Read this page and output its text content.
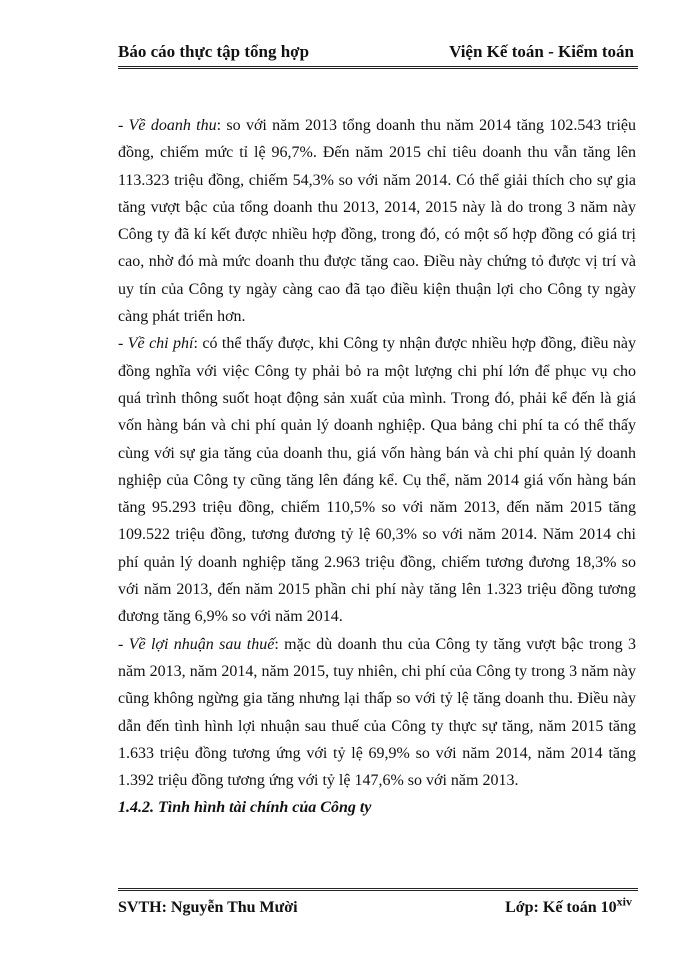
Báo cáo thực tập tổng hợp	Viện Kế toán - Kiểm toán

- Về doanh thu: so với năm 2013 tổng doanh thu năm 2014 tăng 102.543 triệu đồng, chiếm mức tỉ lệ 96,7%. Đến năm 2015 chỉ tiêu doanh thu vẫn tăng lên 113.323 triệu đồng, chiếm 54,3% so với năm 2014. Có thể giải thích cho sự gia tăng vượt bậc của tổng doanh thu 2013, 2014, 2015 này là do trong 3 năm này Công ty đã kí kết được nhiều hợp đồng, trong đó, có một số hợp đồng có giá trị cao, nhờ đó mà mức doanh thu được tăng cao. Điều này chứng tỏ được vị trí và uy tín của Công ty ngày càng cao đã tạo điều kiện thuận lợi cho Công ty ngày càng phát triển hơn.

- Về chi phí: có thể thấy được, khi Công ty nhận được nhiều hợp đồng, điều này đồng nghĩa với việc Công ty phải bỏ ra một lượng chi phí lớn để phục vụ cho quá trình thông suốt hoạt động sản xuất của mình. Trong đó, phải kể đến là giá vốn hàng bán và chi phí quản lý doanh nghiệp. Qua bảng chi phí ta có thể thấy cùng với sự gia tăng của doanh thu, giá vốn hàng bán và chi phí quản lý doanh nghiệp của Công ty cũng tăng lên đáng kể. Cụ thể, năm 2014 giá vốn hàng bán tăng 95.293 triệu đồng, chiếm 110,5% so với năm 2013, đến năm 2015 tăng 109.522 triệu đồng, tương đương tỷ lệ 60,3% so với năm 2014. Năm 2014 chi phí quản lý doanh nghiệp tăng 2.963 triệu đồng, chiếm tương đương 18,3% so với năm 2013, đến năm 2015 phần chi phí này tăng lên 1.323 triệu đồng tương đương tăng 6,9% so với năm 2014.

- Về lợi nhuận sau thuế: mặc dù doanh thu của Công ty tăng vượt bậc trong 3 năm 2013, năm 2014, năm 2015, tuy nhiên, chi phí của Công ty trong 3 năm này cũng không ngừng gia tăng nhưng lại thấp so với tỷ lệ tăng doanh thu. Điều này dẫn đến tình hình lợi nhuận sau thuế của Công ty thực sự tăng, năm 2015 tăng 1.633 triệu đồng tương ứng với tỷ lệ 69,9% so với năm 2014, năm 2014 tăng 1.392 triệu đồng tương ứng với tỷ lệ 147,6% so với năm 2013.

1.4.2. Tình hình tài chính của Công ty

SVTH: Nguyễn Thu Mười	Lớp: Kế toán 10$^{xiv}$
